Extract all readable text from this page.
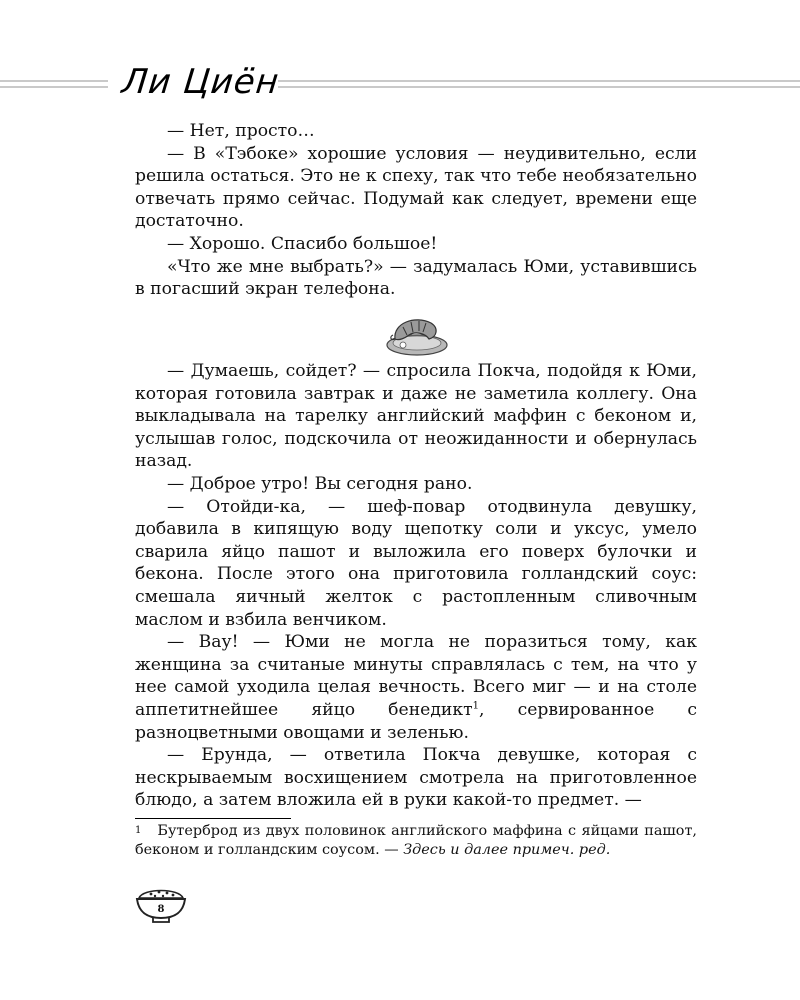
Ли Циён

— Нет, просто…

— В «Тэбоке» хорошие условия — неудивительно, если решила остаться. Это не к спеху, так что тебе необязательно отвечать прямо сейчас. Подумай как следует, времени еще достаточно.

— Хорошо. Спасибо большое!

«Что же мне выбрать?» — задумалась Юми, уставившись в погасший экран телефона.

— Думаешь, сойдет? — спросила Покча, подойдя к Юми, которая готовила завтрак и даже не заметила коллегу. Она выкладывала на тарелку английский маффин с беконом и, услышав голос, подскочила от неожиданности и обернулась назад.

— Доброе утро! Вы сегодня рано.

— Отойди-ка, — шеф-повар отодвинула девушку, добавила в кипящую воду щепотку соли и уксус, умело сварила яйцо пашот и выложила его поверх булочки и бекона. После этого она приготовила голландский соус: смешала яичный желток с растопленным сливочным маслом и взбила венчиком.

— Вау! — Юми не могла не поразиться тому, как женщина за считаные минуты справлялась с тем, на что у нее самой уходила целая вечность. Всего миг — и на столе аппетитнейшее яйцо бенедикт$^1$, сервированное с разноцветными овощами и зеленью.

— Ерунда, — ответила Покча девушке, которая с нескрываемым восхищением смотрела на приготовленное блюдо, а затем вложила ей в руки какой-то предмет. —

$^1$ Бутерброд из двух половинок английского маффина с яйцами пашот, беконом и голландским соусом. — Здесь и далее примеч. ред.
8
